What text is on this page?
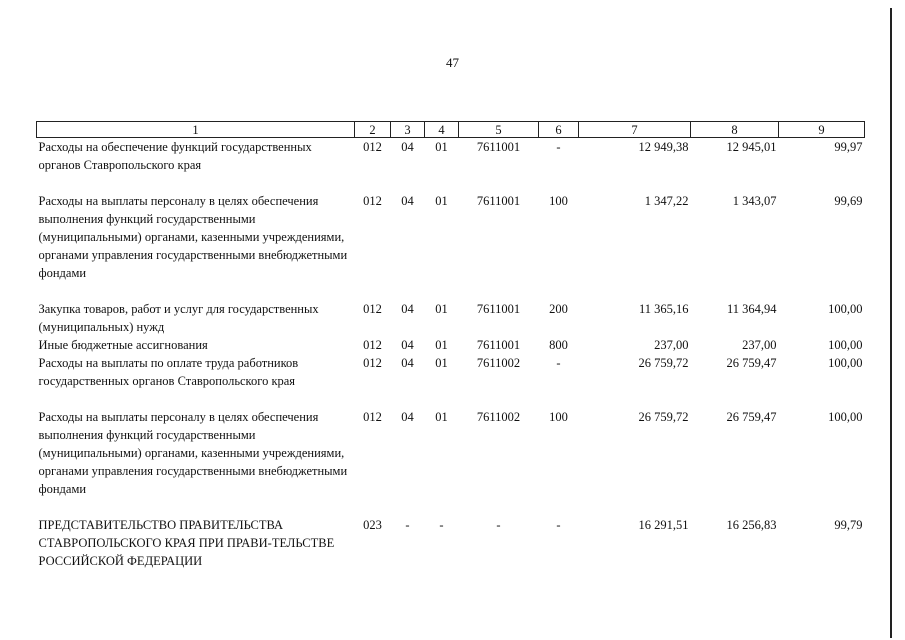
47
1	2	3	4	5	6	7	8	9
Расходы на обеспечение функций государственных органов Ставропольского края	012	04	01	7611001	-	12 949,38	12 945,01	99,97

Расходы на выплаты персоналу в целях обеспечения выполнения функций государственными (муниципальными) органами, казенными учреждениями, органами управления государственными внебюджетными фондами	012	04	01	7611001	100	1 347,22	1 343,07	99,69

Закупка товаров, работ и услуг для государственных (муниципальных) нужд	012	04	01	7611001	200	11 365,16	11 364,94	100,00
Иные бюджетные ассигнования	012	04	01	7611001	800	237,00	237,00	100,00
Расходы на выплаты по оплате труда работников государственных органов Ставропольского края	012	04	01	7611002	-	26 759,72	26 759,47	100,00

Расходы на выплаты персоналу в целях обеспечения выполнения функций государственными (муниципальными) органами, казенными учреждениями, органами управления государственными внебюджетными фондами	012	04	01	7611002	100	26 759,72	26 759,47	100,00

ПРЕДСТАВИТЕЛЬСТВО ПРАВИТЕЛЬСТВА СТАВРОПОЛЬСКОГО КРАЯ ПРИ ПРАВИ-ТЕЛЬСТВЕ РОССИЙСКОЙ ФЕДЕРАЦИИ	023	-	-	-	-	16 291,51	16 256,83	99,79
